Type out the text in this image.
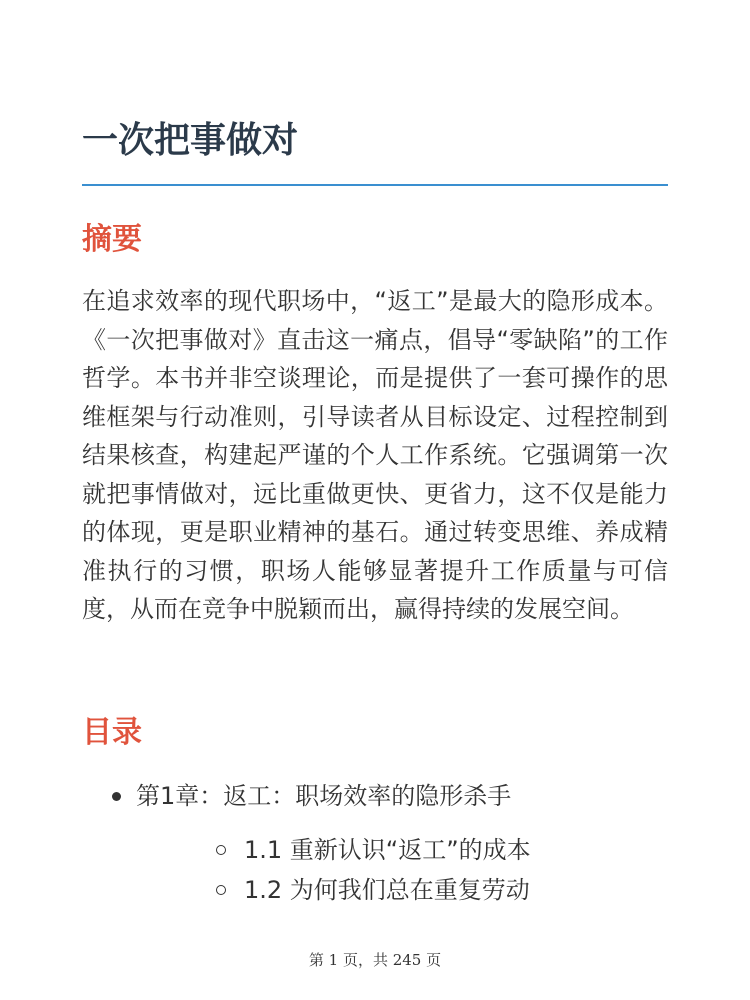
一次把事做对
摘要

在追求效率的现代职场中，“返工”是最大的隐形成本。《一次把事做对》直击这一痛点，倡导“零缺陷”的工作哲学。本书并非空谈理论，而是提供了一套可操作的思维框架与行动准则，引导读者从目标设定、过程控制到结果核查，构建起严谨的个人工作系统。它强调第一次就把事情做对，远比重做更快、更省力，这不仅是能力的体现，更是职业精神的基石。通过转变思维、养成精准执行的习惯，职场人能够显著提升工作质量与可信度，从而在竞争中脱颖而出，赢得持续的发展空间。

目录
第1章：返工：职场效率的隐形杀手
1.1 重新认识“返工”的成本
1.2 为何我们总在重复劳动
第 1 页，共 245 页
